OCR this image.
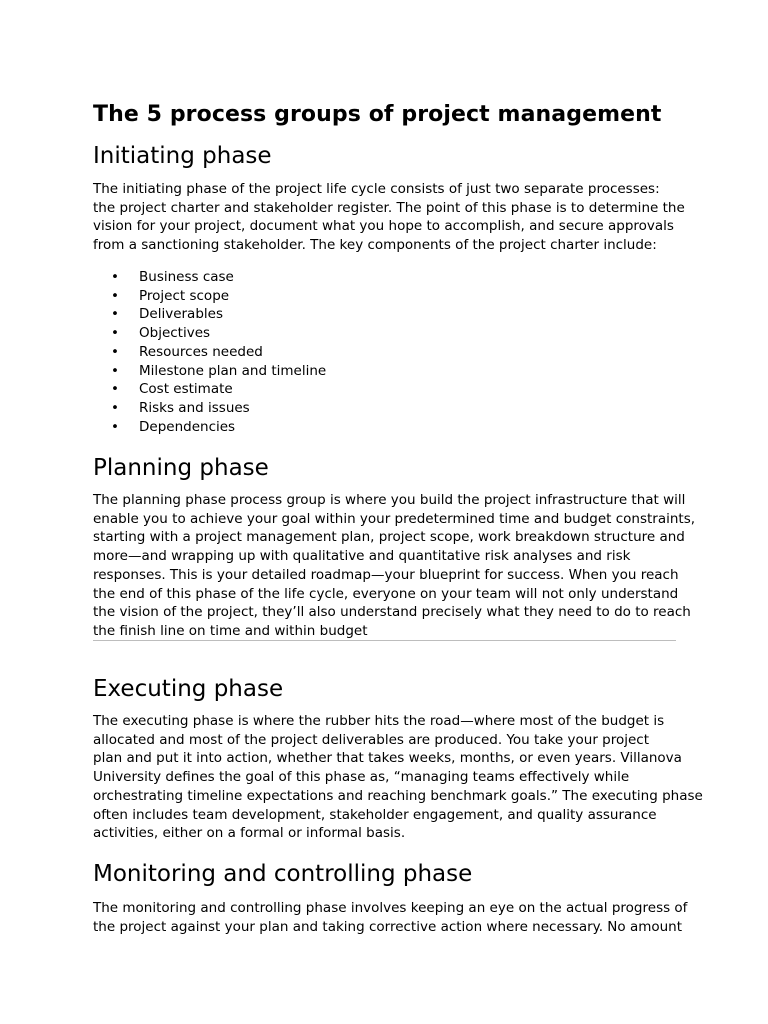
The 5 process groups of project management
Initiating phase

The initiating phase of the project life cycle consists of just two separate processes:
the project charter and stakeholder register. The point of this phase is to determine the
vision for your project, document what you hope to accomplish, and secure approvals
from a sanctioning stakeholder. The key components of the project charter include:

• Business case
• Project scope
• Deliverables
• Objectives
• Resources needed
• Milestone plan and timeline
• Cost estimate
• Risks and issues
• Dependencies
Planning phase

The planning phase process group is where you build the project infrastructure that will
enable you to achieve your goal within your predetermined time and budget constraints,
starting with a project management plan, project scope, work breakdown structure and
more—and wrapping up with qualitative and quantitative risk analyses and risk
responses. This is your detailed roadmap—your blueprint for success. When you reach
the end of this phase of the life cycle, everyone on your team will not only understand
the vision of the project, they’ll also understand precisely what they need to do to reach
the finish line on time and within budget

Executing phase

The executing phase is where the rubber hits the road—where most of the budget is
allocated and most of the project deliverables are produced. You take your project
plan and put it into action, whether that takes weeks, months, or even years. Villanova
University defines the goal of this phase as, “managing teams effectively while
orchestrating timeline expectations and reaching benchmark goals.” The executing phase
often includes team development, stakeholder engagement, and quality assurance
activities, either on a formal or informal basis.

Monitoring and controlling phase

The monitoring and controlling phase involves keeping an eye on the actual progress of
the project against your plan and taking corrective action where necessary. No amount
